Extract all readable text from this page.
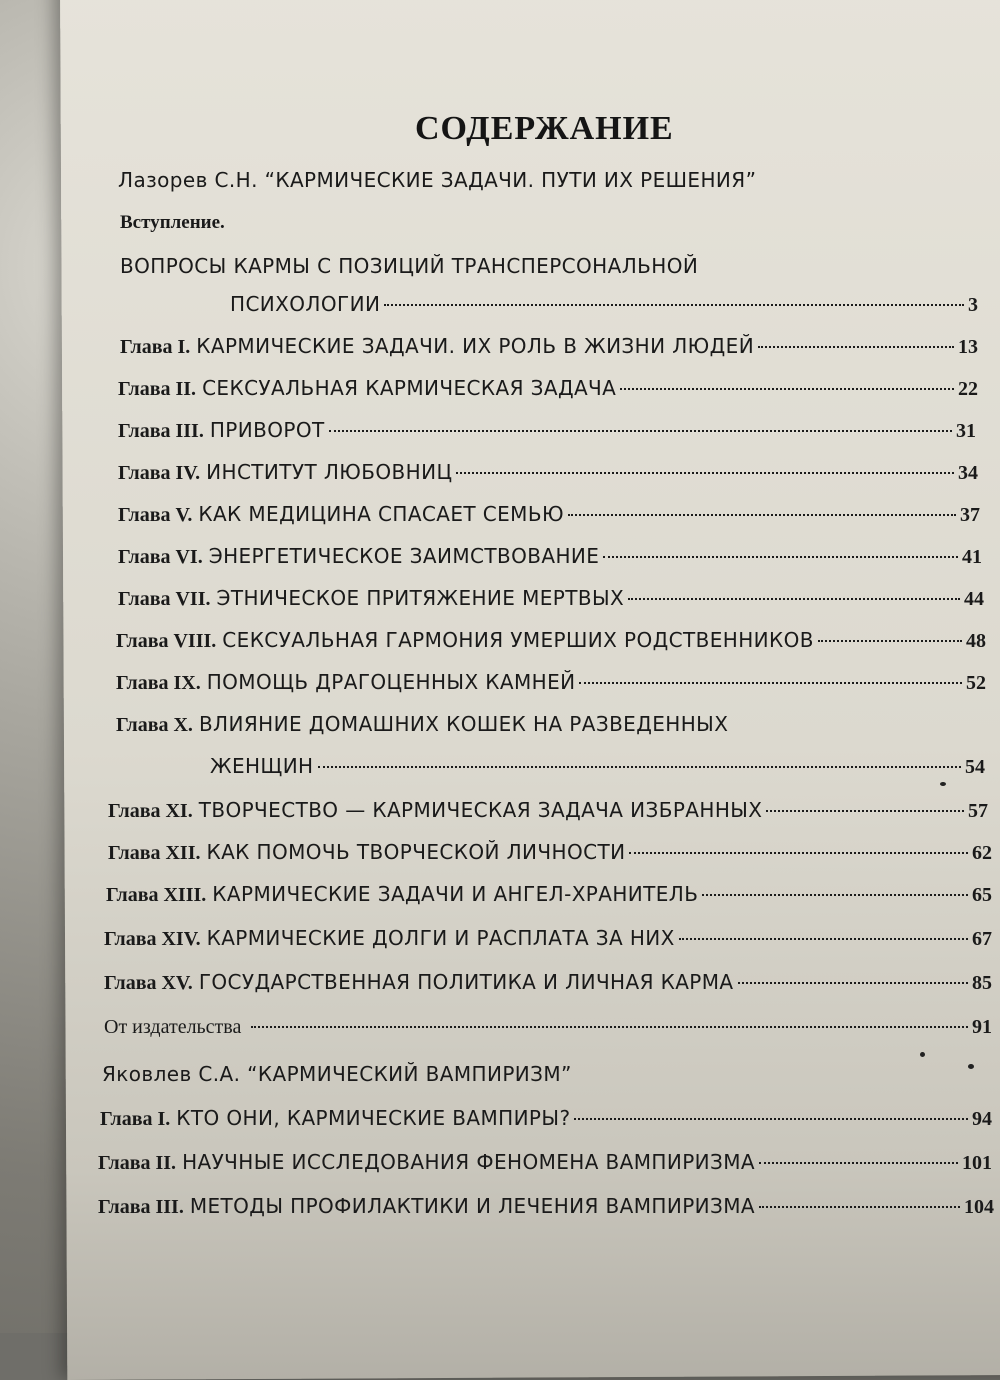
СОДЕРЖАНИЕ
Лазорев С.Н. “КАРМИЧЕСКИЕ ЗАДАЧИ. ПУТИ ИХ РЕШЕНИЯ”
Вступление.
ВОПРОСЫ КАРМЫ С ПОЗИЦИЙ ТРАНСПЕРСОНАЛЬНОЙ
ПСИХОЛОГИИ	3
Глава I. КАРМИЧЕСКИЕ ЗАДАЧИ. ИХ РОЛЬ В ЖИЗНИ ЛЮДЕЙ	13
Глава II. СЕКСУАЛЬНАЯ КАРМИЧЕСКАЯ ЗАДАЧА	22
Глава III. ПРИВОРОТ	31
Глава IV. ИНСТИТУТ ЛЮБОВНИЦ	34
Глава V. КАК МЕДИЦИНА СПАСАЕТ СЕМЬЮ	37
Глава VI. ЭНЕРГЕТИЧЕСКОЕ ЗАИМСТВОВАНИЕ	41
Глава VII. ЭТНИЧЕСКОЕ ПРИТЯЖЕНИЕ МЕРТВЫХ	44
Глава VIII. СЕКСУАЛЬНАЯ ГАРМОНИЯ УМЕРШИХ РОДСТВЕННИКОВ	48
Глава IX. ПОМОЩЬ ДРАГОЦЕННЫХ КАМНЕЙ	52
Глава X. ВЛИЯНИЕ ДОМАШНИХ КОШЕК НА РАЗВЕДЕННЫХ
ЖЕНЩИН	54
Глава XI. ТВОРЧЕСТВО — КАРМИЧЕСКАЯ ЗАДАЧА ИЗБРАННЫХ	57
Глава XII. КАК ПОМОЧЬ ТВОРЧЕСКОЙ ЛИЧНОСТИ	62
Глава XIII. КАРМИЧЕСКИЕ ЗАДАЧИ И АНГЕЛ-ХРАНИТЕЛЬ	65
Глава XIV. КАРМИЧЕСКИЕ ДОЛГИ И РАСПЛАТА ЗА НИХ	67
Глава XV. ГОСУДАРСТВЕННАЯ ПОЛИТИКА И ЛИЧНАЯ КАРМА	85
От издательства	91
Яковлев С.А. “КАРМИЧЕСКИЙ ВАМПИРИЗМ”
Глава I. КТО ОНИ, КАРМИЧЕСКИЕ ВАМПИРЫ?	94
Глава II. НАУЧНЫЕ ИССЛЕДОВАНИЯ ФЕНОМЕНА ВАМПИРИЗМА	101
Глава III. МЕТОДЫ ПРОФИЛАКТИКИ И ЛЕЧЕНИЯ ВАМПИРИЗМА	104
